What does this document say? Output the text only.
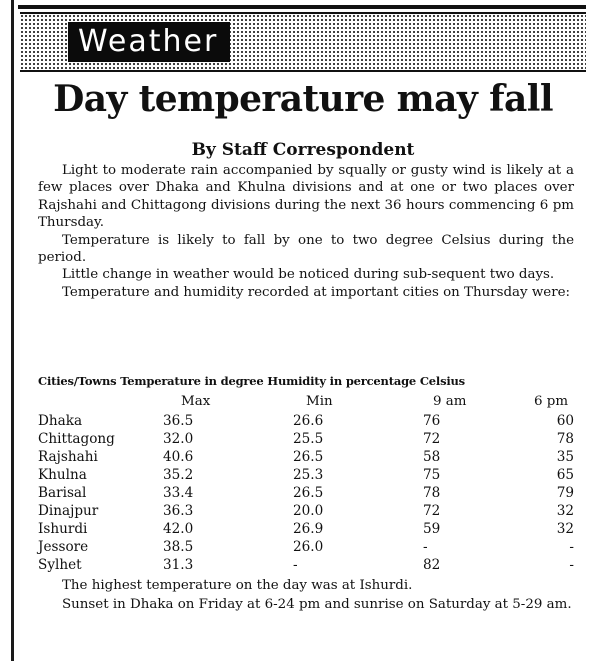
Weather
Day temperature may fall
By Staff Correspondent

Light to moderate rain accompanied by squally or gusty wind is likely at a few places over Dhaka and Khulna divisions and at one or two places over Rajshahi and Chittagong divisions during the next 36 hours commencing 6 pm Thursday.

Temperature is likely to fall by one to two degree Celsius during the period.

Little change in weather would be noticed during sub-sequent two days.

Temperature and humidity recorded at important cities on Thursday were:

Cities/Towns Temperature in degree Humidity in percentage Celsius
Max	Min	9 am	6 pm
Dhaka	36.5	26.6	76	60
Chittagong	32.0	25.5	72	78
Rajshahi	40.6	26.5	58	35
Khulna	35.2	25.3	75	65
Barisal	33.4	26.5	78	79
Dinajpur	36.3	20.0	72	32
Ishurdi	42.0	26.9	59	32
Jessore	38.5	26.0	-	-
Sylhet	31.3	-	82	-

The highest temperature on the day was at Ishurdi.

Sunset in Dhaka on Friday at 6-24 pm and sunrise on Saturday at 5-29 am.
